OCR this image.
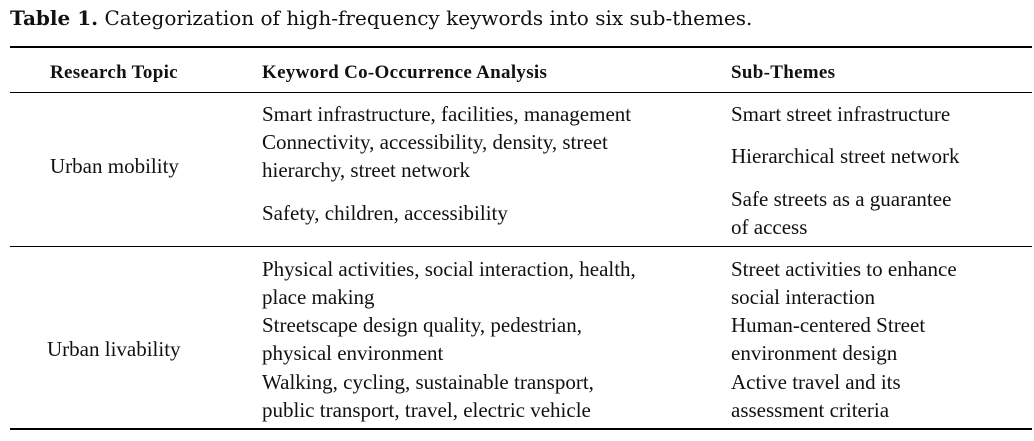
Table 1. Categorization of high-frequency keywords into six sub-themes.
Research Topic	Keyword Co-Occurrence Analysis	Sub-Themes
Urban mobility
Smart infrastructure, facilities, management
Connectivity, accessibility, density, street
hierarchy, street network
Safety, children, accessibility
Smart street infrastructure
Hierarchical street network
Safe streets as a guarantee
of access
Urban livability
Physical activities, social interaction, health,
place making
Streetscape design quality, pedestrian,
physical environment
Walking, cycling, sustainable transport,
public transport, travel, electric vehicle
Street activities to enhance
social interaction
Human-centered Street
environment design
Active travel and its
assessment criteria
